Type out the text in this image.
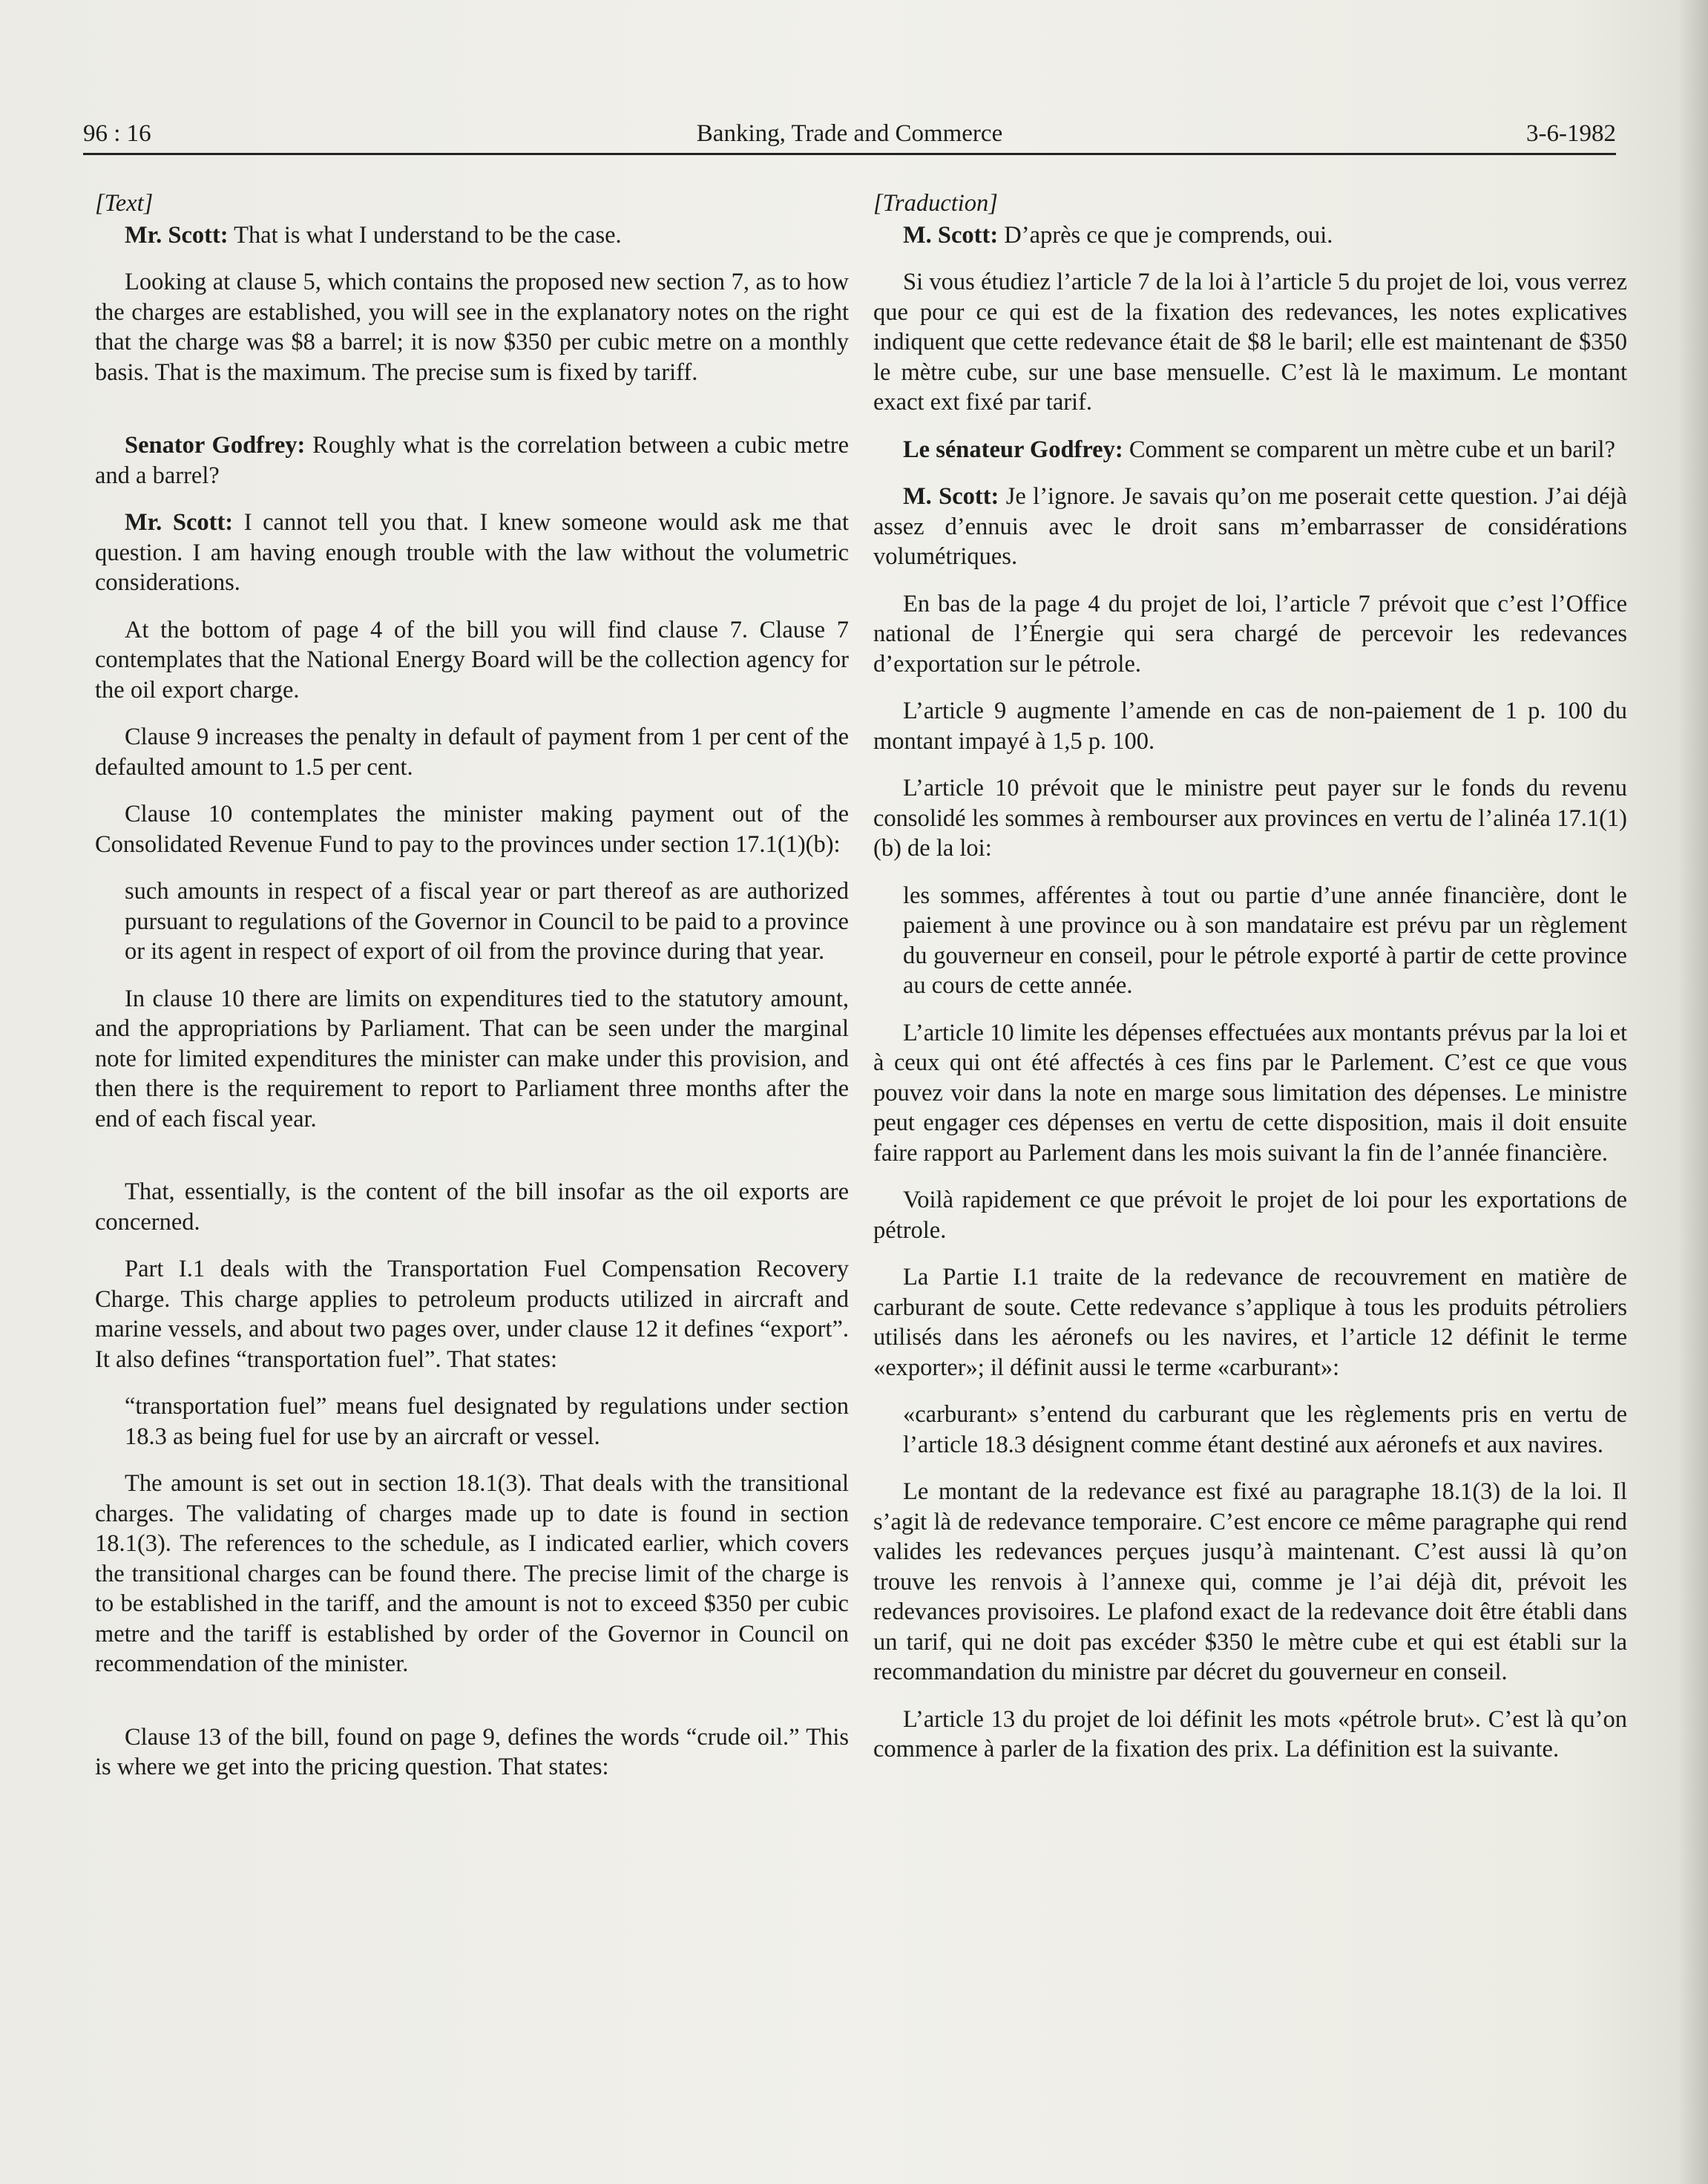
96 : 16	Banking, Trade and Commerce	3-6-1982

[Text]

Mr. Scott: That is what I understand to be the case.

Looking at clause 5, which contains the proposed new section 7, as to how the charges are established, you will see in the explanatory notes on the right that the charge was $8 a barrel; it is now $350 per cubic metre on a monthly basis. That is the maximum. The precise sum is fixed by tariff.

Senator Godfrey: Roughly what is the correlation between a cubic metre and a barrel?

Mr. Scott: I cannot tell you that. I knew someone would ask me that question. I am having enough trouble with the law without the volumetric considerations.

At the bottom of page 4 of the bill you will find clause 7. Clause 7 contemplates that the National Energy Board will be the collection agency for the oil export charge.

Clause 9 increases the penalty in default of payment from 1 per cent of the defaulted amount to 1.5 per cent.

Clause 10 contemplates the minister making payment out of the Consolidated Revenue Fund to pay to the provinces under section 17.1(1)(b):

such amounts in respect of a fiscal year or part thereof as are authorized pursuant to regulations of the Governor in Council to be paid to a province or its agent in respect of export of oil from the province during that year.

In clause 10 there are limits on expenditures tied to the statutory amount, and the appropriations by Parliament. That can be seen under the marginal note for limited expenditures the minister can make under this provision, and then there is the requirement to report to Parliament three months after the end of each fiscal year.

That, essentially, is the content of the bill insofar as the oil exports are concerned.

Part I.1 deals with the Transportation Fuel Compensation Recovery Charge. This charge applies to petroleum products utilized in aircraft and marine vessels, and about two pages over, under clause 12 it defines “export”. It also defines “transportation fuel”. That states:

“transportation fuel” means fuel designated by regulations under section 18.3 as being fuel for use by an aircraft or vessel.

The amount is set out in section 18.1(3). That deals with the transitional charges. The validating of charges made up to date is found in section 18.1(3). The references to the schedule, as I indicated earlier, which covers the transitional charges can be found there. The precise limit of the charge is to be established in the tariff, and the amount is not to exceed $350 per cubic metre and the tariff is established by order of the Governor in Council on recommendation of the minister.

Clause 13 of the bill, found on page 9, defines the words “crude oil.” This is where we get into the pricing question. That states:

[Traduction]

M. Scott: D’après ce que je comprends, oui.

Si vous étudiez l’article 7 de la loi à l’article 5 du projet de loi, vous verrez que pour ce qui est de la fixation des redevances, les notes explicatives indiquent que cette redevance était de $8 le baril; elle est maintenant de $350 le mètre cube, sur une base mensuelle. C’est là le maximum. Le montant exact ext fixé par tarif.

Le sénateur Godfrey: Comment se comparent un mètre cube et un baril?

M. Scott: Je l’ignore. Je savais qu’on me poserait cette question. J’ai déjà assez d’ennuis avec le droit sans m’embarrasser de considérations volumétriques.

En bas de la page 4 du projet de loi, l’article 7 prévoit que c’est l’Office national de l’Énergie qui sera chargé de percevoir les redevances d’exportation sur le pétrole.

L’article 9 augmente l’amende en cas de non-paiement de 1 p. 100 du montant impayé à 1,5 p. 100.

L’article 10 prévoit que le ministre peut payer sur le fonds du revenu consolidé les sommes à rembourser aux provinces en vertu de l’alinéa 17.1(1)(b) de la loi:

les sommes, afférentes à tout ou partie d’une année financière, dont le paiement à une province ou à son mandataire est prévu par un règlement du gouverneur en conseil, pour le pétrole exporté à partir de cette province au cours de cette année.

L’article 10 limite les dépenses effectuées aux montants prévus par la loi et à ceux qui ont été affectés à ces fins par le Parlement. C’est ce que vous pouvez voir dans la note en marge sous limitation des dépenses. Le ministre peut engager ces dépenses en vertu de cette disposition, mais il doit ensuite faire rapport au Parlement dans les mois suivant la fin de l’année financière.

Voilà rapidement ce que prévoit le projet de loi pour les exportations de pétrole.

La Partie I.1 traite de la redevance de recouvrement en matière de carburant de soute. Cette redevance s’applique à tous les produits pétroliers utilisés dans les aéronefs ou les navires, et l’article 12 définit le terme «exporter»; il définit aussi le terme «carburant»:

«carburant» s’entend du carburant que les règlements pris en vertu de l’article 18.3 désignent comme étant destiné aux aéronefs et aux navires.

Le montant de la redevance est fixé au paragraphe 18.1(3) de la loi. Il s’agit là de redevance temporaire. C’est encore ce même paragraphe qui rend valides les redevances perçues jusqu’à maintenant. C’est aussi là qu’on trouve les renvois à l’annexe qui, comme je l’ai déjà dit, prévoit les redevances provisoires. Le plafond exact de la redevance doit être établi dans un tarif, qui ne doit pas excéder $350 le mètre cube et qui est établi sur la recommandation du ministre par décret du gouverneur en conseil.

L’article 13 du projet de loi définit les mots «pétrole brut». C’est là qu’on commence à parler de la fixation des prix. La définition est la suivante.
